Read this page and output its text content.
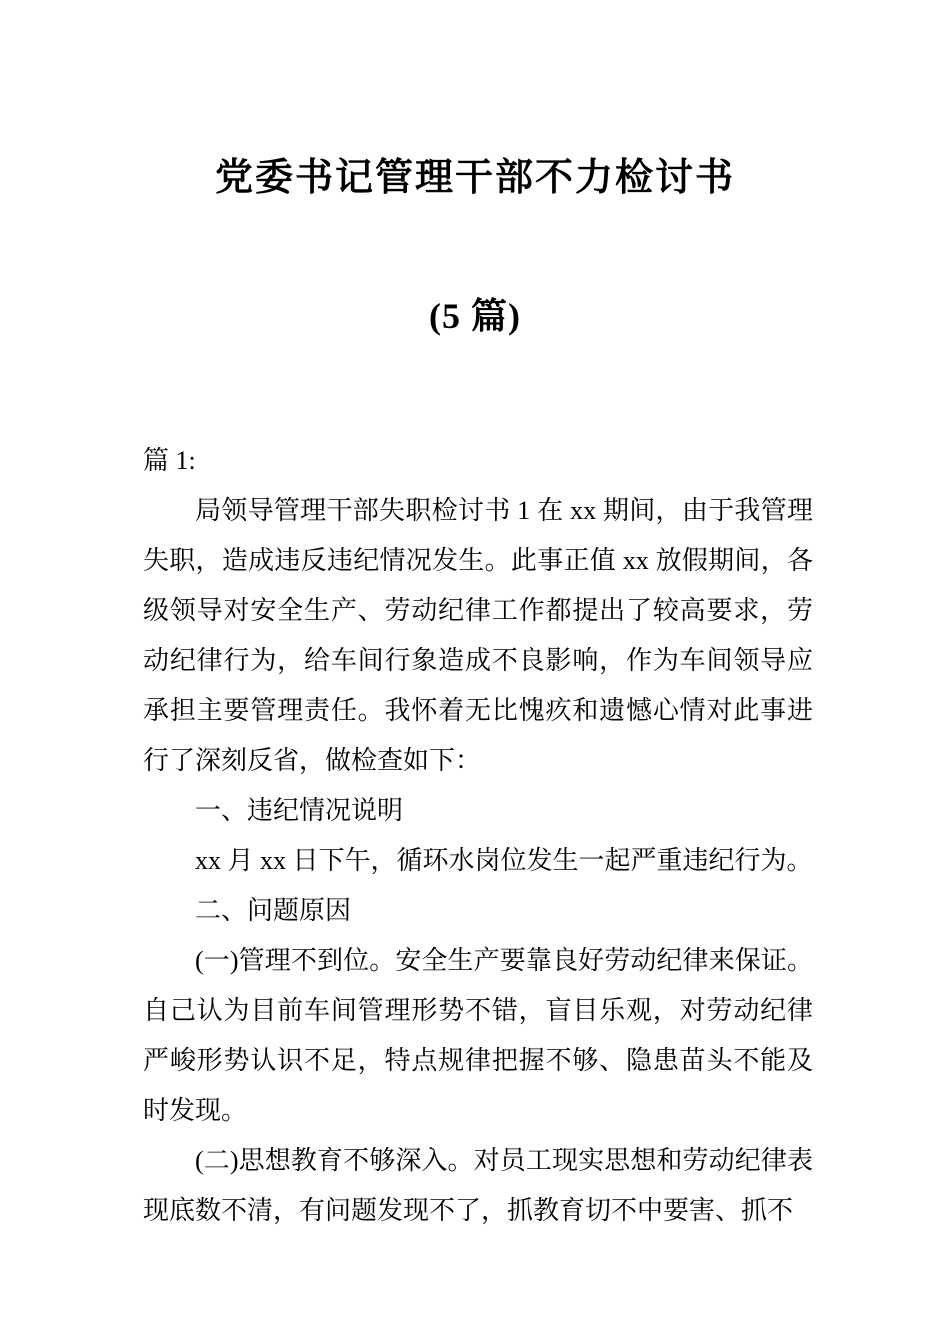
党委书记管理干部不力检讨书
(5 篇)

篇 1:

局领导管理干部失职检讨书 1 在 xx 期间，由于我管理失职，造成违反违纪情况发生。此事正值 xx 放假期间，各级领导对安全生产、劳动纪律工作都提出了较高要求，劳动纪律行为，给车间行象造成不良影响，作为车间领导应承担主要管理责任。我怀着无比愧疚和遗憾心情对此事进行了深刻反省，做检查如下：

一、违纪情况说明

xx 月 xx 日下午，循环水岗位发生一起严重违纪行为。

二、问题原因

(一)管理不到位。安全生产要靠良好劳动纪律来保证。自己认为目前车间管理形势不错，盲目乐观，对劳动纪律严峻形势认识不足，特点规律把握不够、隐患苗头不能及时发现。

(二)思想教育不够深入。对员工现实思想和劳动纪律表现底数不清，有问题发现不了，抓教育切不中要害、抓不
